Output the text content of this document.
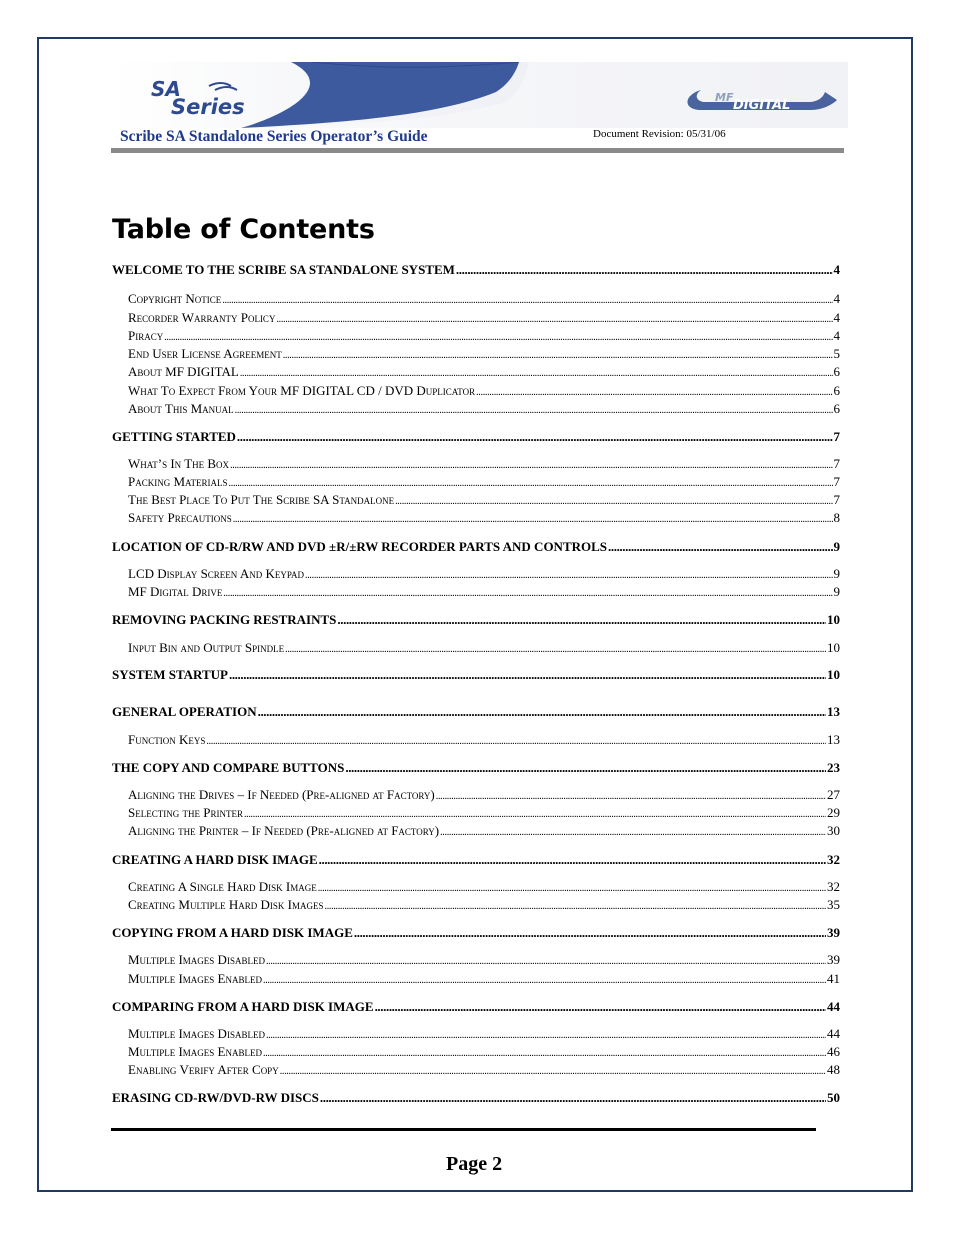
SA
Series	MF
DIGITAL
Scribe SA Standalone Series Operator’s Guide	Document Revision: 05/31/06
Table of Contents
WELCOME TO THE SCRIBE SA STANDALONE SYSTEM .....	4
Copyright Notice .....	4
Recorder Warranty Policy .....	4
Piracy .....	4
End User License Agreement .....	5
About MF DIGITAL .....	6
What To Expect From Your MF DIGITAL CD / DVD Duplicator .....	6
About This Manual .....	6
GETTING STARTED .....	7
What’s In The Box .....	7
Packing Materials .....	7
The Best Place To Put The Scribe SA Standalone .....	7
Safety Precautions .....	8
LOCATION OF CD-R/RW AND DVD ±R/±RW RECORDER PARTS AND CONTROLS .....	9
LCD Display Screen And Keypad .....	9
MF Digital Drive .....	9
REMOVING PACKING RESTRAINTS .....	10
Input Bin and Output Spindle .....	10
SYSTEM STARTUP .....	10
GENERAL OPERATION .....	13
Function Keys .....	13
THE COPY AND COMPARE BUTTONS .....	23
Aligning the Drives – If Needed (Pre-aligned at Factory) .....	27
Selecting the Printer .....	29
Aligning the Printer – If Needed (Pre-aligned at Factory) .....	30
CREATING A HARD DISK IMAGE .....	32
Creating A Single Hard Disk Image .....	32
Creating Multiple Hard Disk Images .....	35
COPYING FROM A HARD DISK IMAGE .....	39
Multiple Images Disabled .....	39
Multiple Images Enabled .....	41
COMPARING FROM A HARD DISK IMAGE .....	44
Multiple Images Disabled .....	44
Multiple Images Enabled .....	46
Enabling Verify After Copy .....	48
ERASING CD-RW/DVD-RW DISCS .....	50
Page 2
